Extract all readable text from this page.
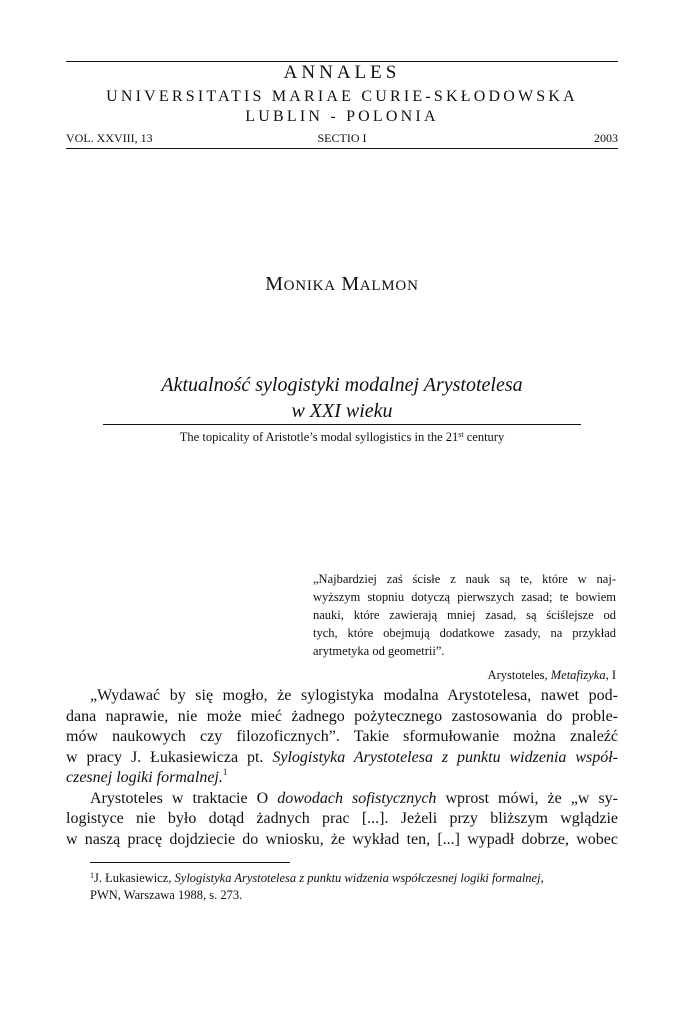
ANNALES
UNIVERSITATIS MARIAE CURIE-SKŁODOWSKA
LUBLIN - POLONIA
VOL. XXVIII, 13	SECTIO I	2003
MONIKA MALMON
Aktualność sylogistyki modalnej Arystotelesa
w XXI wieku
The topicality of Aristotle’s modal syllogistics in the 21st century
„Najbardziej zaś ścisłe z nauk są te, które w naj-
wyższym stopniu dotyczą pierwszych zasad; te bowiem
nauki, które zawierają mniej zasad, są ściślejsze od
tych, które obejmują dodatkowe zasady, na przykład
arytmetyka od geometrii”.
Arystoteles, Metafizyka, I
„Wydawać by się mogło, że sylogistyka modalna Arystotelesa, nawet pod-
dana naprawie, nie może mieć żadnego pożytecznego zastosowania do proble-
mów naukowych czy filozoficznych”. Takie sformułowanie można znaleźć
w pracy J. Łukasiewicza pt. Sylogistyka Arystotelesa z punktu widzenia współ-
czesnej logiki formalnej.$^1$
Arystoteles w traktacie O dowodach sofistycznych wprost mówi, że „w sy-
logistyce nie było dotąd żadnych prac [...]. Jeżeli przy bliższym wglądzie
w naszą pracę dojdziecie do wniosku, że wykład ten, [...] wypadł dobrze, wobec
$^1$J. Łukasiewicz, Sylogistyka Arystotelesa z punktu widzenia współczesnej logiki formalnej,
PWN, Warszawa 1988, s. 273.
